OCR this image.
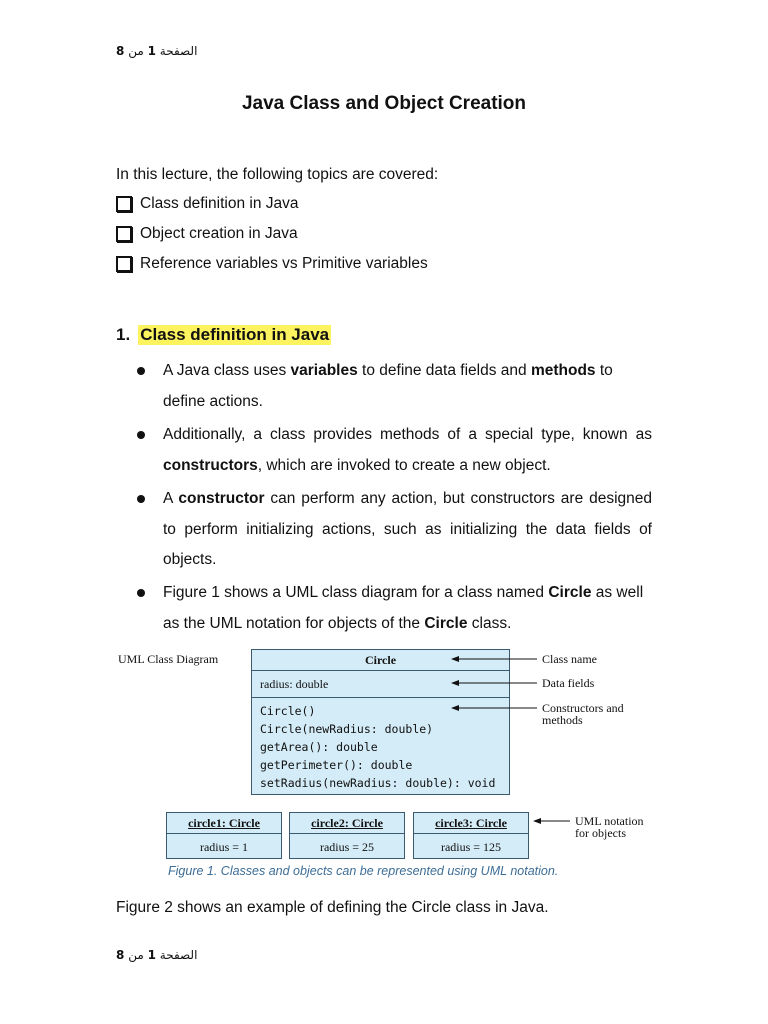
الصفحة 1 من 8
Java Class and Object Creation
In this lecture, the following topics are covered:
Class definition in Java
Object creation in Java
Reference variables vs Primitive variables
1. Class definition in Java
A Java class uses variables to define data fields and methods to define actions.
Additionally, a class provides methods of a special type, known as constructors, which are invoked to create a new object.
A constructor can perform any action, but constructors are designed to perform initializing actions, such as initializing the data fields of objects.
Figure 1 shows a UML class diagram for a class named Circle as well as the UML notation for objects of the Circle class.
UML Class Diagram	Circle
radius: double
Circle()
Circle(newRadius: double)
getArea(): double
getPerimeter(): double
setRadius(newRadius: double): void
Class name
Data fields
Constructors and
methods
UML notation
for objects
circle1: Circle
radius = 1
circle2: Circle
radius = 25
circle3: Circle
radius = 125
Figure 1. Classes and objects can be represented using UML notation.
Figure 2 shows an example of defining the Circle class in Java.
الصفحة 1 من 8
